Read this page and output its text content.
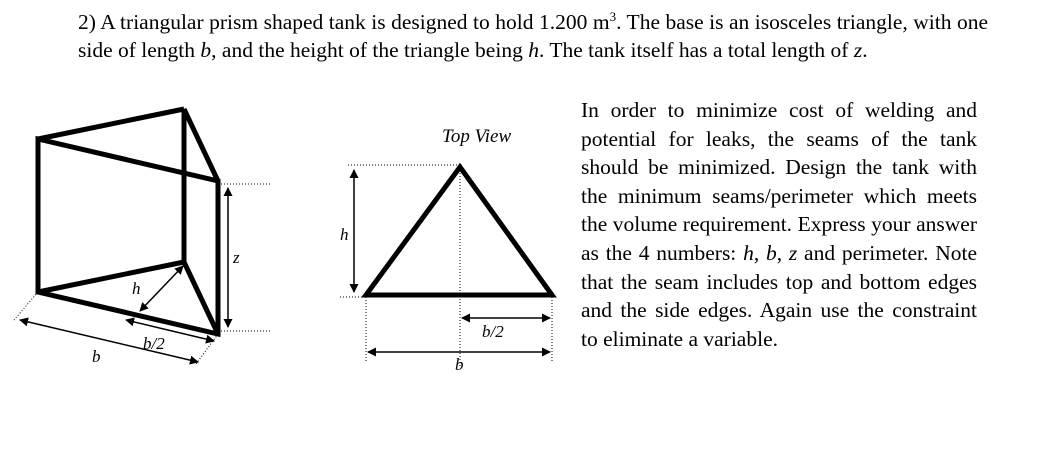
2) A triangular prism shaped tank is designed to hold 1.200 $m^3$. The base is an isosceles triangle, with one side of length b, and the height of the triangle being h. The tank itself has a total length of z.
In order to minimize cost of welding and potential for leaks, the seams of the tank should be minimized. Design the tank with the minimum seams/perimeter which meets the volume requirement. Express your answer as the 4 numbers: h, b, z and perimeter. Note that the seam includes top and bottom edges and the side edges. Again use the constraint to eliminate a variable.
z
b
h
b/2
Top View
h
b/2
b
